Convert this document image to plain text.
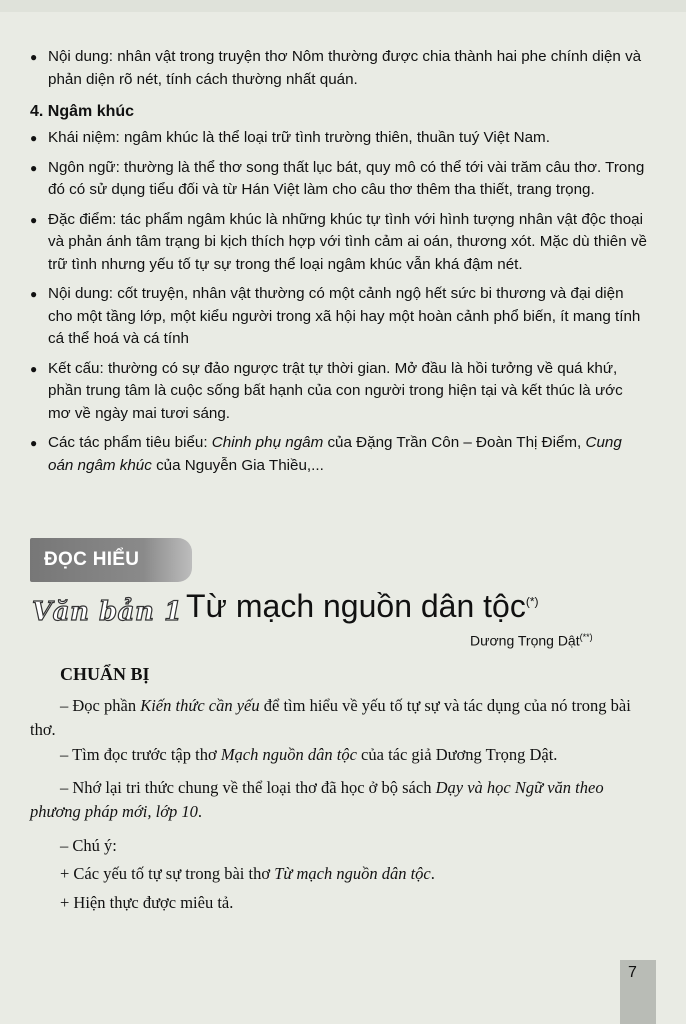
● Nội dung: nhân vật trong truyện thơ Nôm thường được chia thành hai phe chính diện và phản diện rõ nét, tính cách thường nhất quán.
4. Ngâm khúc
● Khái niệm: ngâm khúc là thể loại trữ tình trường thiên, thuần tuý Việt Nam.
● Ngôn ngữ: thường là thể thơ song thất lục bát, quy mô có thể tới vài trăm câu thơ. Trong đó có sử dụng tiểu đối và từ Hán Việt làm cho câu thơ thêm tha thiết, trang trọng.
● Đặc điểm: tác phẩm ngâm khúc là những khúc tự tình với hình tượng nhân vật độc thoại và phản ánh tâm trạng bi kịch thích hợp với tình cảm ai oán, thương xót. Mặc dù thiên về trữ tình nhưng yếu tố tự sự trong thể loại ngâm khúc vẫn khá đậm nét.
● Nội dung: cốt truyện, nhân vật thường có một cảnh ngộ hết sức bi thương và đại diện cho một tầng lớp, một kiểu người trong xã hội hay một hoàn cảnh phổ biến, ít mang tính cá thể hoá và cá tính
● Kết cấu: thường có sự đảo ngược trật tự thời gian. Mở đầu là hồi tưởng về quá khứ, phần trung tâm là cuộc sống bất hạnh của con người trong hiện tại và kết thúc là ước mơ về ngày mai tươi sáng.
● Các tác phẩm tiêu biểu: Chinh phụ ngâm của Đặng Trần Côn – Đoàn Thị Điểm, Cung oán ngâm khúc của Nguyễn Gia Thiều,...
ĐỌC HIỂU
Văn bản 1 Từ mạch nguồn dân tộc(*)
Dương Trọng Dật(**)
CHUẨN BỊ
– Đọc phần Kiến thức cần yếu để tìm hiểu về yếu tố tự sự và tác dụng của nó trong bài thơ.
– Tìm đọc trước tập thơ Mạch nguồn dân tộc của tác giả Dương Trọng Dật.
– Nhớ lại tri thức chung về thể loại thơ đã học ở bộ sách Dạy và học Ngữ văn theo phương pháp mới, lớp 10.
– Chú ý:
+ Các yếu tố tự sự trong bài thơ Từ mạch nguồn dân tộc.
+ Hiện thực được miêu tả.
7
